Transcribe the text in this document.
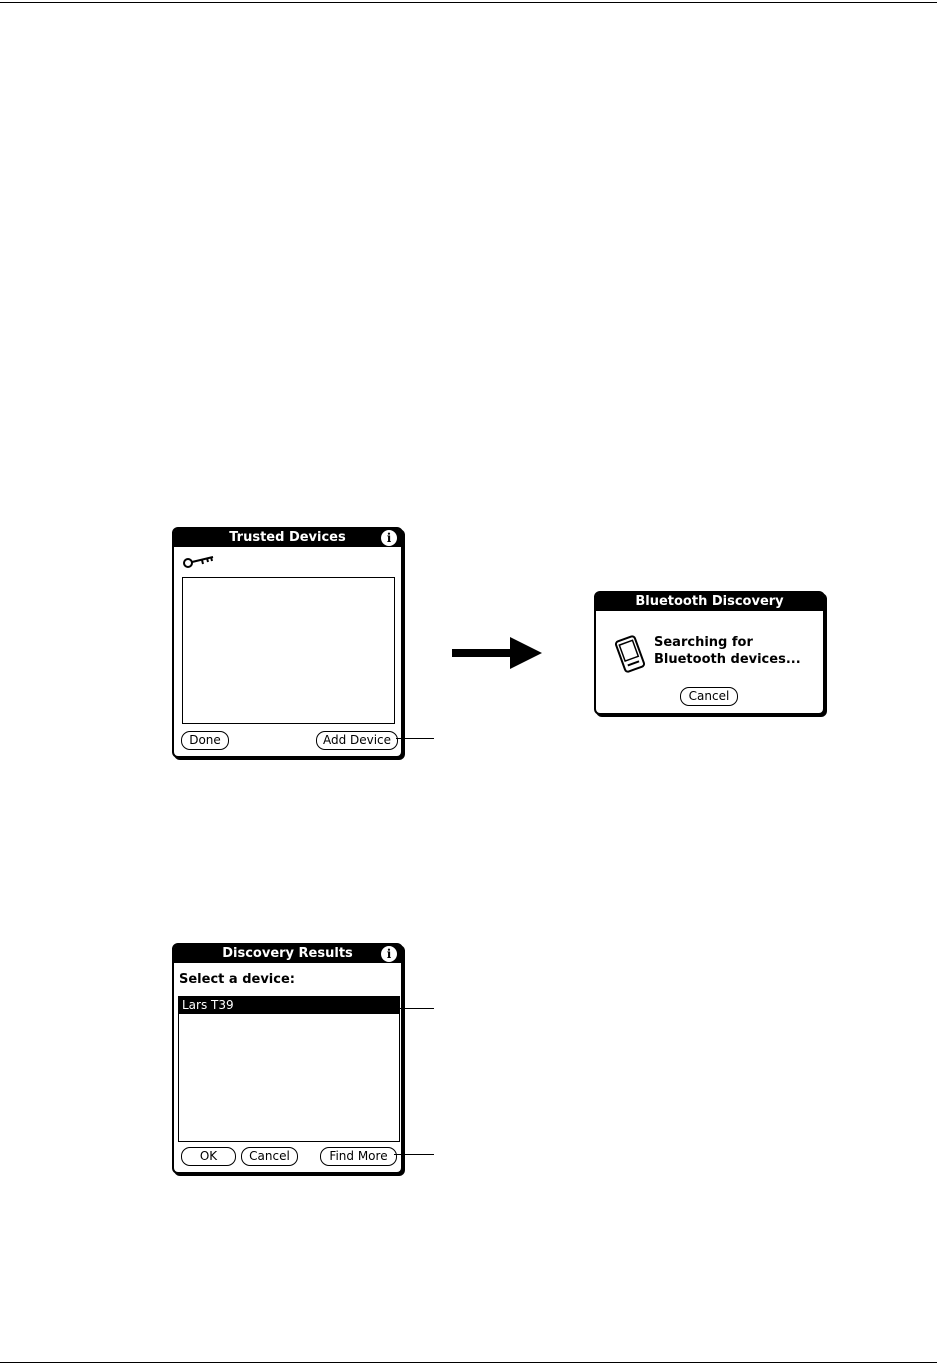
Trusted Devices	i
Done	Add Device
Bluetooth Discovery
Searching for
Bluetooth devices...
Cancel
Discovery Results	i
Select a device:
Lars T39
OK	Cancel	Find More
